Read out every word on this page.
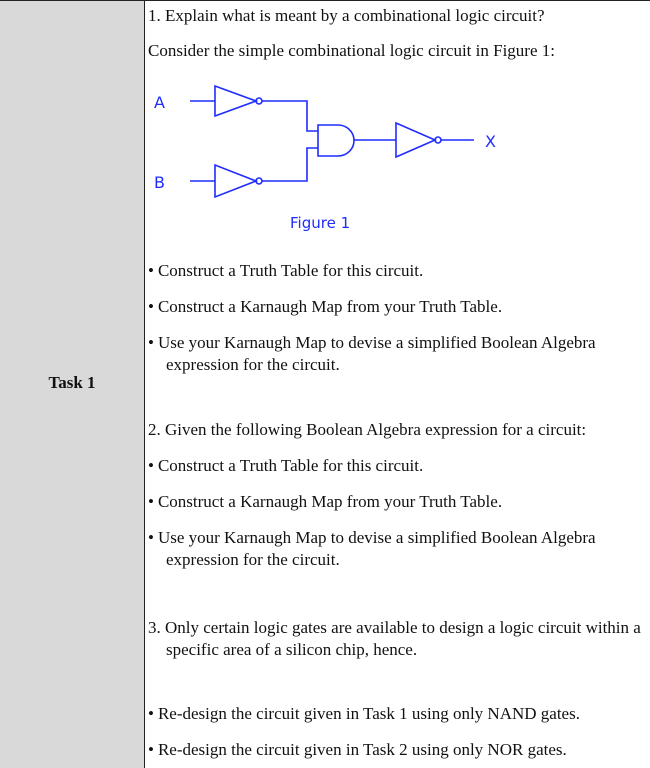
Task 1

1. Explain what is meant by a combinational logic circuit?

Consider the simple combinational logic circuit in Figure 1:

A
B
X
Figure 1

• Construct a Truth Table for this circuit.

• Construct a Karnaugh Map from your Truth Table.

• Use your Karnaugh Map to devise a simplified Boolean Algebra

expression for the circuit.

2. Given the following Boolean Algebra expression for a circuit:

• Construct a Truth Table for this circuit.

• Construct a Karnaugh Map from your Truth Table.

• Use your Karnaugh Map to devise a simplified Boolean Algebra

expression for the circuit.

3. Only certain logic gates are available to design a logic circuit within a

specific area of a silicon chip, hence.

• Re-design the circuit given in Task 1 using only NAND gates.

• Re-design the circuit given in Task 2 using only NOR gates.
